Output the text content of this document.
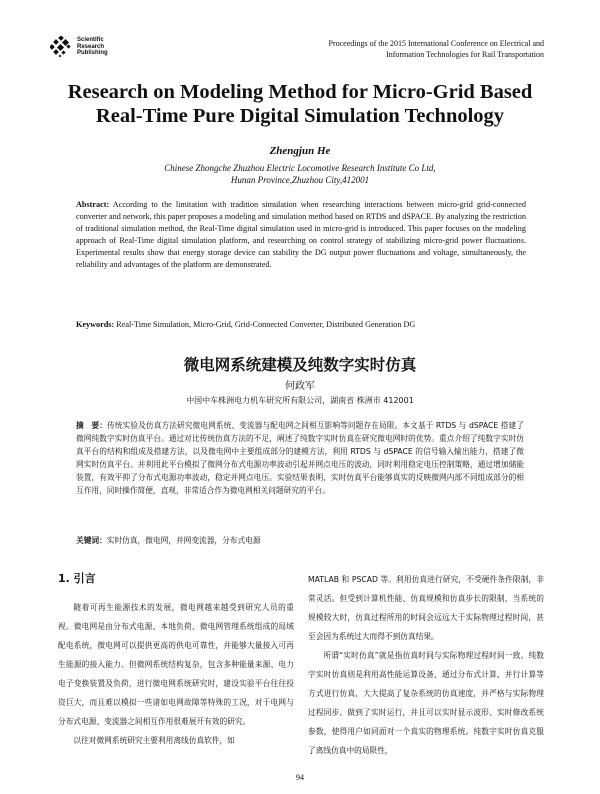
Scientific
Research
Publishing
Proceedings of the 2015 International Conference on Electrical and
Information Technologies for Rail Transportation
Research on Modeling Method for Micro-Grid Based
Real-Time Pure Digital Simulation Technology
Zhengjun He
Chinese Zhongche Zhuzhou Electric Locomotive Research Institute Co Ltd,
Hunan Province,Zhuzhou City,412001

Abstract: According to the limitation with tradition simulation when researching interactions between micro-grid grid-connected converter and network, this paper proposes a modeling and simulation method based on RTDS and dSPACE. By analyzing the restriction of traditional simulation method, the Real-Time digital simulation used in micro-grid is introduced. This paper focuses on the modeling approach of Real-Time digital simulation platform, and researching on control strategy of stabilizing micro-grid power fluctuations. Experimental results show that energy storage device can stability the DG output power fluctuations and voltage, simultaneously, the reliability and advantages of the platform are demonstrated.

Keywords: Real-Time Simulation, Micro-Grid, Grid-Connected Converter, Distributed Generation DG

微电网系统建模及纯数字实时仿真
何政军
中国中车株洲电力机车研究所有限公司，湖南省 株洲市 412001

摘　要：传统实验及仿真方法研究微电网系统、变流器与配电网之间相互影响等问题存在局限。本文基于 RTDS 与 dSPACE 搭建了微网纯数字实时仿真平台。通过对比传统仿真方法的不足，阐述了纯数字实时仿真在研究微电网时的优势。重点介绍了纯数字实时仿真平台的结构和组成及搭建方法，以及微电网中主要组成部分的建模方法，利用 RTDS 与 dSPACE 的信号输入输出能力，搭建了微网实时仿真平台。并利用此平台模拟了微网分布式电源功率波动引起并网点电压的波动，同时利用稳定电压控制策略，通过增加储能装置，有效平抑了分布式电源功率波动，稳定并网点电压。实验结果表明，实时仿真平台能够真实的反映微网内部不同组成部分的相互作用，同时操作简便，直观，非常适合作为微电网相关问题研究的平台。

关键词：实时仿真，微电网，并网变流器，分布式电源

1. 引言

随着可再生能源技术的发展，微电网越来越受到研究人员的重视。微电网是由分布式电源、本地负荷、微电网管理系统组成的局域配电系统，微电网可以提供更高的供电可靠性，并能够大量接入可再生能源的接入能力。但微网系统结构复杂，包含多种能量来源、电力电子变换装置及负荷，进行微电网系统研究时，建设实验平台往往投资巨大，而且难以模拟一些诸如电网故障等特殊的工况，对于电网与分布式电源、变流器之间相互作用很难展开有效的研究。

以往对微网系统研究主要利用离线仿真软件，如

MATLAB 和 PSCAD 等。利用仿真进行研究，不受硬件条件限制，非常灵活。但受到计算机性能、仿真规模和仿真步长的限制，当系统的规模较大时，仿真过程所用的时间会远远大于实际物理过程时间，甚至会因为系统过大而得不到仿真结果。

所谓“实时仿真”就是指仿真时间与实际物理过程时间一致。纯数字实时仿真则是利用高性能运算设备，通过分布式计算、并行计算等方式进行仿真，大大提高了复杂系统的仿真速度，并严格与实际物理过程同步。做到了实时运行，并且可以实时显示波形、实时修改系统参数，使得用户如同面对一个真实的物理系统。纯数字实时仿真克服了离线仿真中的局限性，

94
